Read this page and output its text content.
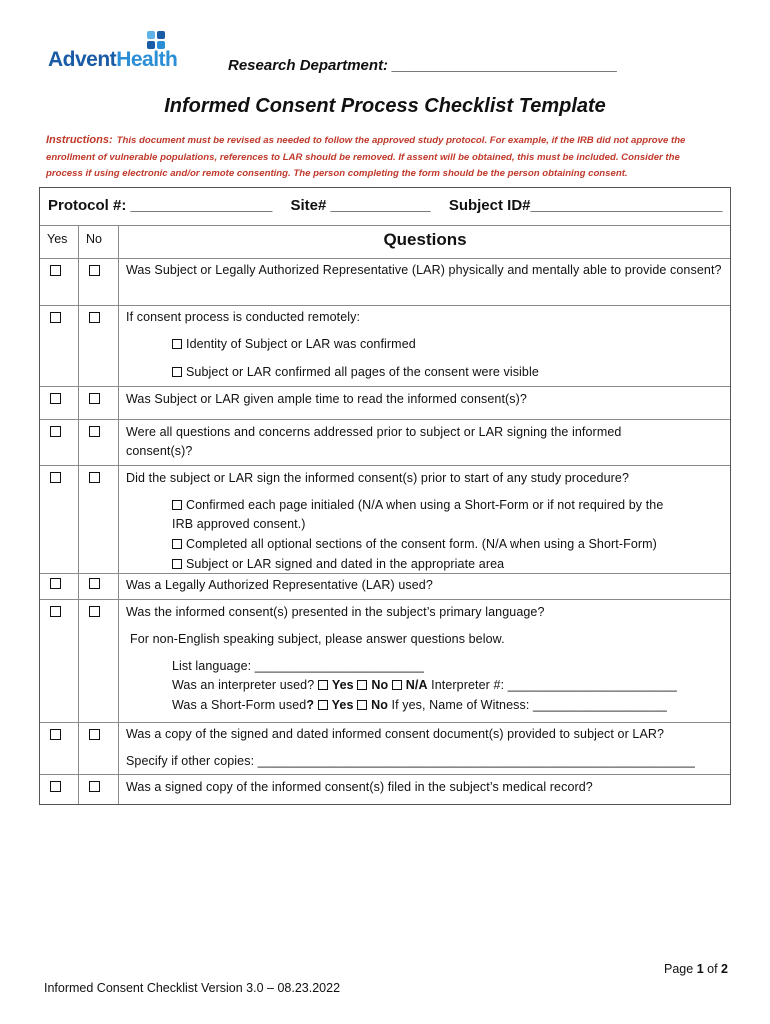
AdventHealth	Research Department: ___________________________
Informed Consent Process Checklist Template
Instructions: This document must be revised as needed to follow the approved study protocol. For example, if the IRB did not approve the
enrollment of vulnerable populations, references to LAR should be removed. If assent will be obtained, this must be included. Consider the
process if using electronic and/or remote consenting. The person completing the form should be the person obtaining consent.
Protocol #: _________________ Site# ____________ Subject ID#_______________________
Yes No	Questions
Was Subject or Legally Authorized Representative (LAR) physically and mentally able to provide consent?
If consent process is conducted remotely:
Identity of Subject or LAR was confirmed
Subject or LAR confirmed all pages of the consent were visible
Was Subject or LAR given ample time to read the informed consent(s)?
Were all questions and concerns addressed prior to subject or LAR signing the informed consent(s)?
Did the subject or LAR sign the informed consent(s) prior to start of any study procedure?
Confirmed each page initialed (N/A when using a Short-Form or if not required by the
IRB approved consent.)
Completed all optional sections of the consent form. (N/A when using a Short-Form)
Subject or LAR signed and dated in the appropriate area
Was a Legally Authorized Representative (LAR) used?
Was the informed consent(s) presented in the subject’s primary language?
For non-English speaking subject, please answer questions below.
List language: ________________________
Was an interpreter used? Yes No N/A Interpreter #: ________________________
Was a Short-Form used? Yes No If yes, Name of Witness: ___________________
Was a copy of the signed and dated informed consent document(s) provided to subject or LAR?
Specify if other copies: ______________________________________________________________
Was a signed copy of the informed consent(s) filed in the subject’s medical record?
Page 1 of 2
Informed Consent Checklist Version 3.0 – 08.23.2022
